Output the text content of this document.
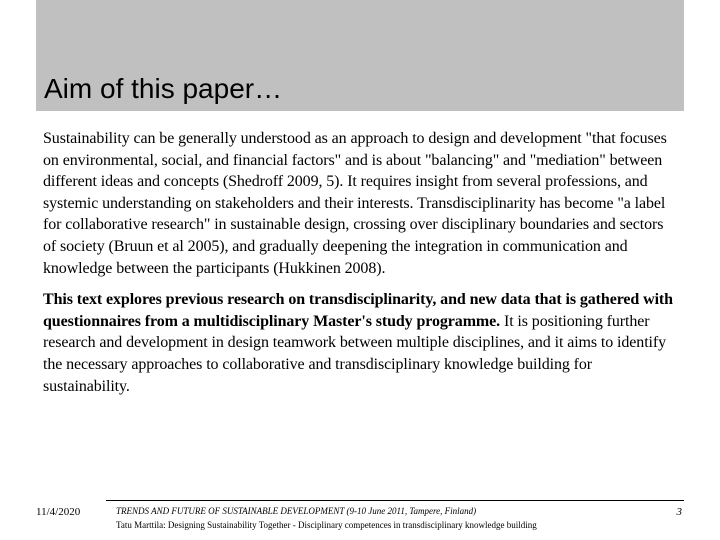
Aim of this paper…

Sustainability can be generally understood as an approach to design and development "that focuses on environmental, social, and financial factors" and is about "balancing" and "mediation" between different ideas and concepts (Shedroff 2009, 5). It requires insight from several professions, and systemic understanding on stakeholders and their interests. Transdisciplinarity has become "a label for collaborative research" in sustainable design, crossing over disciplinary boundaries and sectors of society (Bruun et al 2005), and gradually deepening the integration in communication and knowledge between the participants (Hukkinen 2008).

This text explores previous research on transdisciplinarity, and new data that is gathered with questionnaires from a multidisciplinary Master's study programme. It is positioning further research and development in design teamwork between multiple disciplines, and it aims to identify the necessary approaches to collaborative and transdisciplinary knowledge building for sustainability.

11/4/2020	TRENDS AND FUTURE OF SUSTAINABLE DEVELOPMENT (9-10 June 2011, Tampere, Finland)
Tatu Marttila: Designing Sustainability Together - Disciplinary competences in transdisciplinary knowledge building
3
